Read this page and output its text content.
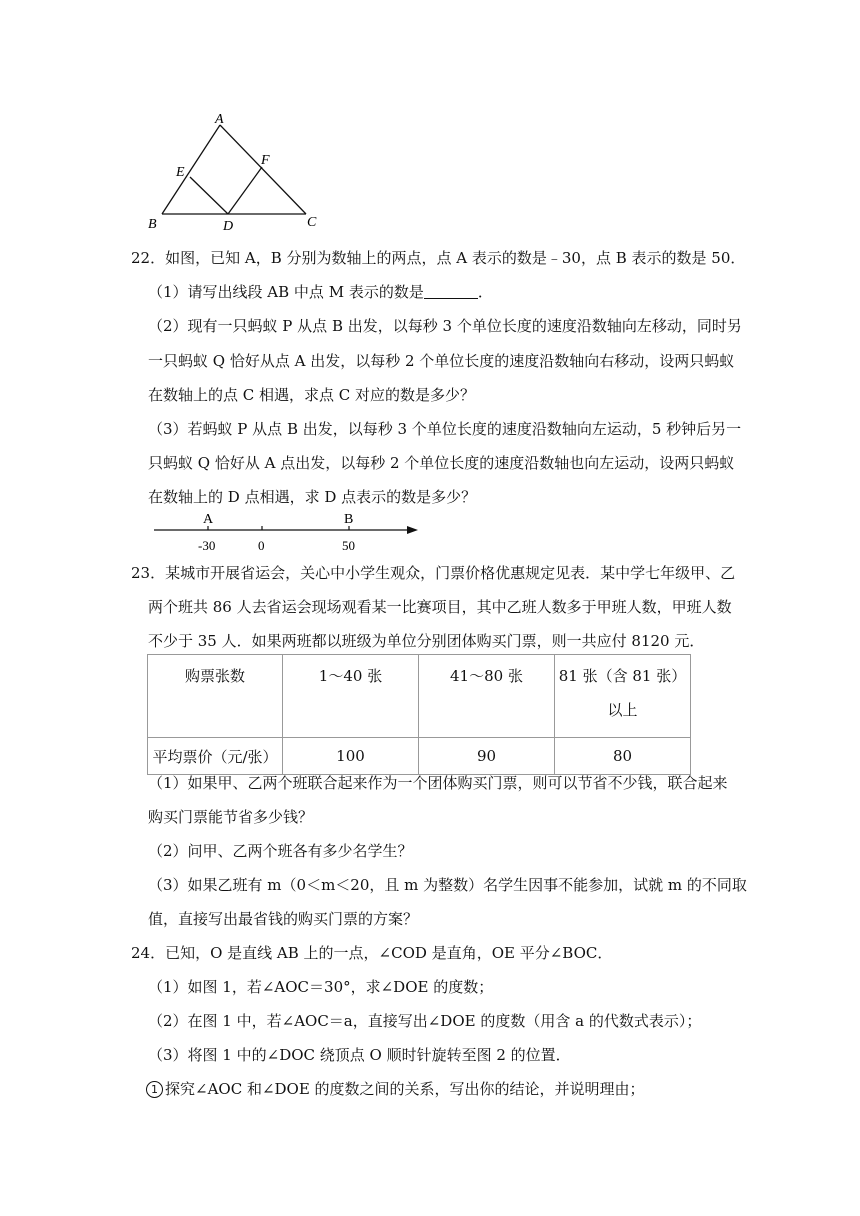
A
B	C
D
E
F
22．如图，已知 A，B 分别为数轴上的两点，点 A 表示的数是﹣30，点 B 表示的数是 50．
（1）请写出线段 AB 中点 M 表示的数是	．
（2）现有一只蚂蚁 P 从点 B 出发，以每秒 3 个单位长度的速度沿数轴向左移动，同时另
一只蚂蚁 Q 恰好从点 A 出发，以每秒 2 个单位长度的速度沿数轴向右移动，设两只蚂蚁
在数轴上的点 C 相遇，求点 C 对应的数是多少？
（3）若蚂蚁 P 从点 B 出发，以每秒 3 个单位长度的速度沿数轴向左运动，5 秒钟后另一
只蚂蚁 Q 恰好从 A 点出发，以每秒 2 个单位长度的速度沿数轴也向左运动，设两只蚂蚁
在数轴上的 D 点相遇，求 D 点表示的数是多少？
A	B
-30	0	50
23．某城市开展省运会，关心中小学生观众，门票价格优惠规定见表．某中学七年级甲、乙
两个班共 86 人去省运会现场观看某一比赛项目，其中乙班人数多于甲班人数，甲班人数
不少于 35 人．如果两班都以班级为单位分别团体购买门票，则一共应付 8120 元．
购票张数	1～40 张	41～80 张	81 张（含 81 张）
以上

平均票价（元/张）	100	90	80
（1）如果甲、乙两个班联合起来作为一个团体购买门票，则可以节省不少钱，联合起来
购买门票能节省多少钱？
（2）问甲、乙两个班各有多少名学生？
（3）如果乙班有 m（0＜m＜20，且 m 为整数）名学生因事不能参加，试就 m 的不同取
值，直接写出最省钱的购买门票的方案？
24．已知，O 是直线 AB 上的一点，∠COD 是直角，OE 平分∠BOC．
（1）如图 1，若∠AOC＝30°，求∠DOE 的度数；
（2）在图 1 中，若∠AOC＝a，直接写出∠DOE 的度数（用含 a 的代数式表示）；
（3）将图 1 中的∠DOC 绕顶点 O 顺时针旋转至图 2 的位置．
1 探究∠AOC 和∠DOE 的度数之间的关系，写出你的结论，并说明理由；
